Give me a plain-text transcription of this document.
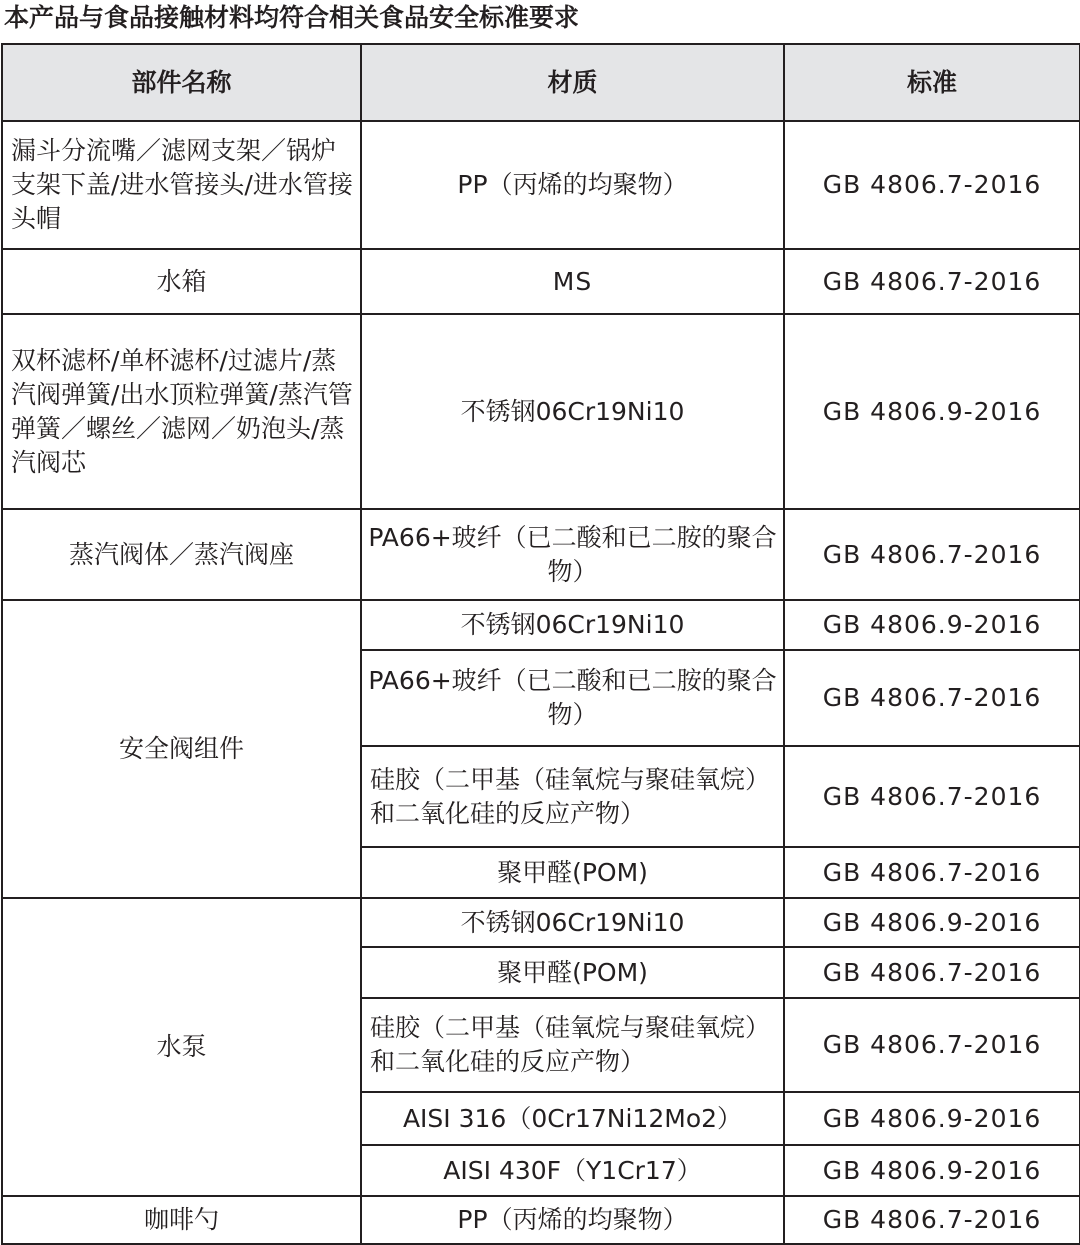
本产品与食品接触材料均符合相关食品安全标准要求
部件名称	材质	标准
漏斗分流嘴／滤网支架／锅炉支架下盖/进水管接头/进水管接头帽	PP（丙烯的均聚物）	GB 4806.7-2016
水箱	MS	GB 4806.7-2016
双杯滤杯/单杯滤杯/过滤片/蒸汽阀弹簧/出水顶粒弹簧/蒸汽管弹簧／螺丝／滤网／奶泡头/蒸汽阀芯	不锈钢06Cr19Ni10	GB 4806.9-2016
蒸汽阀体／蒸汽阀座	PA66+玻纤（已二酸和已二胺的聚合物）	GB 4806.7-2016
安全阀组件	不锈钢06Cr19Ni10	GB 4806.9-2016
	PA66+玻纤（已二酸和已二胺的聚合物）	GB 4806.7-2016
	硅胶（二甲基（硅氧烷与聚硅氧烷）和二氧化硅的反应产物）	GB 4806.7-2016
	聚甲醛(POM)	GB 4806.7-2016
水泵	不锈钢06Cr19Ni10	GB 4806.9-2016
	聚甲醛(POM)	GB 4806.7-2016
	硅胶（二甲基（硅氧烷与聚硅氧烷）和二氧化硅的反应产物）	GB 4806.7-2016
	AISI 316（0Cr17Ni12Mo2）	GB 4806.9-2016
	AISI 430F（Y1Cr17）	GB 4806.9-2016
咖啡勺	PP（丙烯的均聚物）	GB 4806.7-2016
